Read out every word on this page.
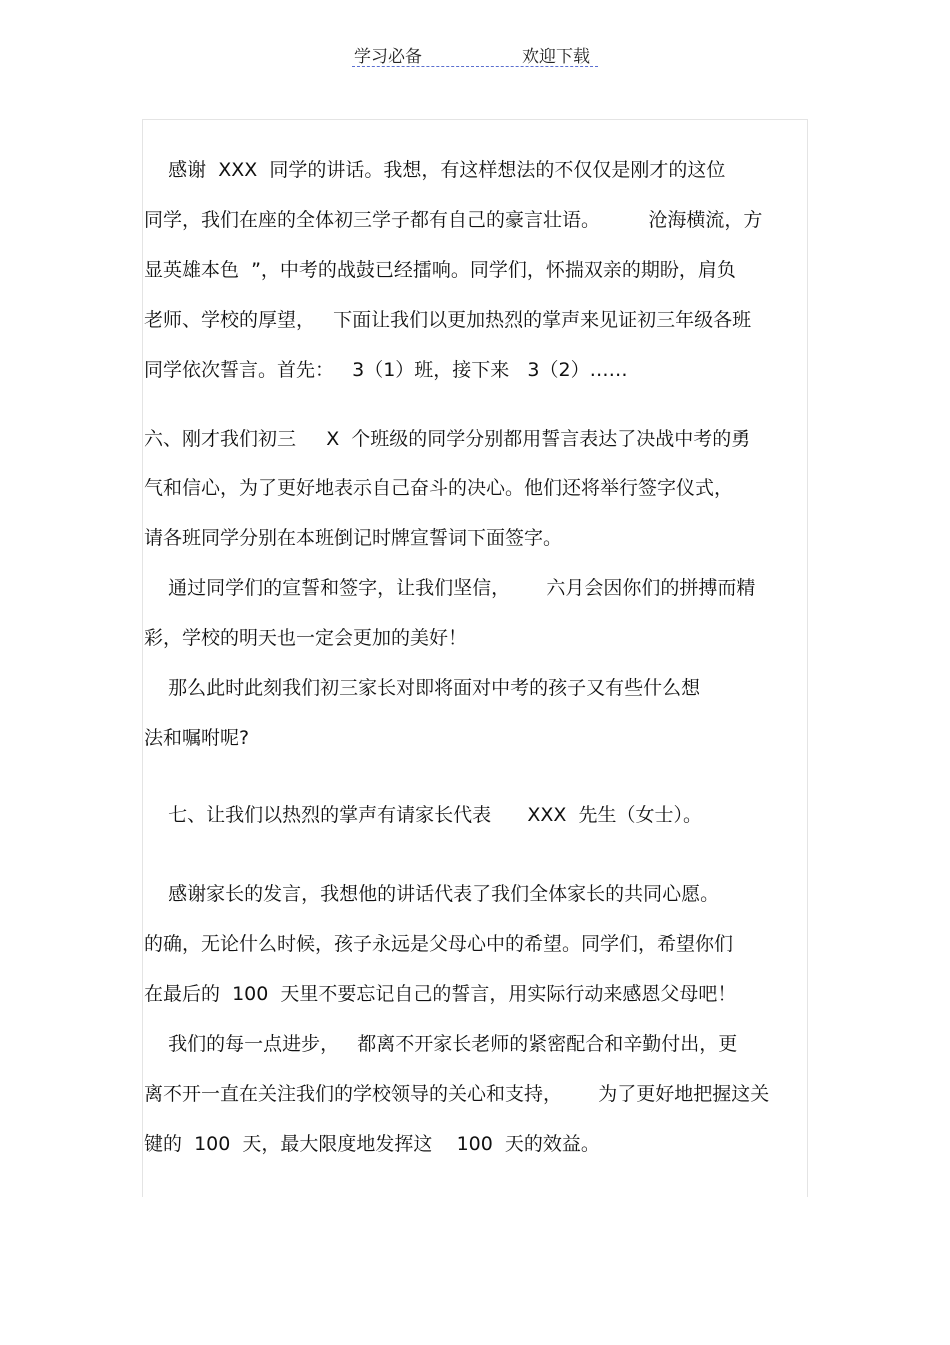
学习必备	欢迎下载
感谢  XXX  同学的讲话。我想，有这样想法的不仅仅是刚才的这位
同学，我们在座的全体初三学子都有自己的豪言壮语。        沧海横流，方
显英雄本色  ”，中考的战鼓已经擂响。同学们，怀揣双亲的期盼，肩负
老师、学校的厚望，   下面让我们以更加热烈的掌声来见证初三年级各班
同学依次誓言。首先：   3（1）班，接下来   3（2）……
六、刚才我们初三     X  个班级的同学分别都用誓言表达了决战中考的勇
气和信心，为了更好地表示自己奋斗的决心。他们还将举行签字仪式，
请各班同学分别在本班倒记时牌宣誓词下面签字。
通过同学们的宣誓和签字，让我们坚信，      六月会因你们的拼搏而精
彩，学校的明天也一定会更加的美好！
那么此时此刻我们初三家长对即将面对中考的孩子又有些什么想
法和嘱咐呢?
七、让我们以热烈的掌声有请家长代表      XXX  先生（女士）。
感谢家长的发言，我想他的讲话代表了我们全体家长的共同心愿。
的确，无论什么时候，孩子永远是父母心中的希望。同学们，希望你们
在最后的  100  天里不要忘记自己的誓言，用实际行动来感恩父母吧！
我们的每一点进步，   都离不开家长老师的紧密配合和辛勤付出，更
离不开一直在关注我们的学校领导的关心和支持，      为了更好地把握这关
键的  100  天，最大限度地发挥这    100  天的效益。
